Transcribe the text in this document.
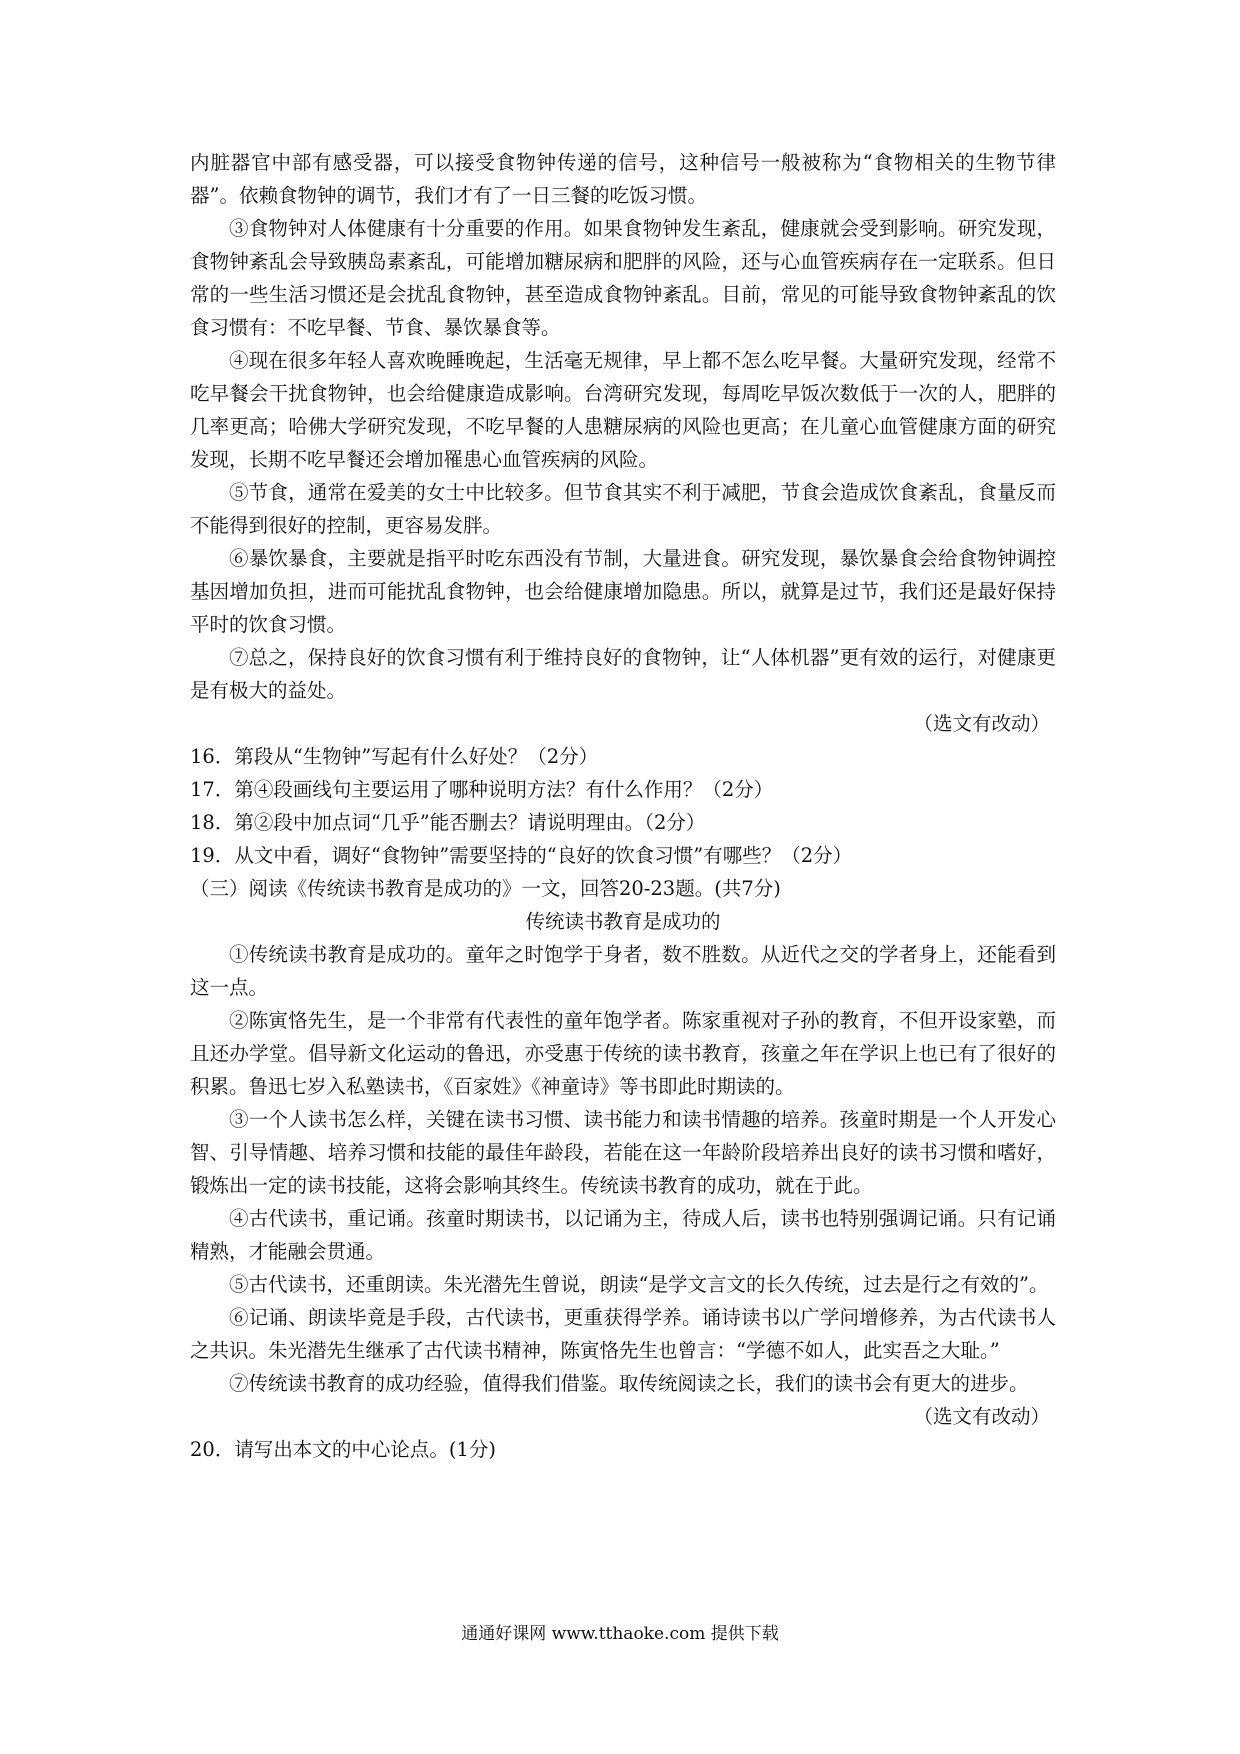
内脏器官中部有感受器，可以接受食物钟传递的信号，这种信号一般被称为“食物相关的生物节律器”。依赖食物钟的调节，我们才有了一日三餐的吃饭习惯。

③食物钟对人体健康有十分重要的作用。如果食物钟发生紊乱，健康就会受到影响。研究发现，食物钟紊乱会导致胰岛素紊乱，可能增加糖尿病和肥胖的风险，还与心血管疾病存在一定联系。但日常的一些生活习惯还是会扰乱食物钟，甚至造成食物钟紊乱。目前，常见的可能导致食物钟紊乱的饮食习惯有：不吃早餐、节食、暴饮暴食等。

④现在很多年轻人喜欢晚睡晚起，生活毫无规律，早上都不怎么吃早餐。大量研究发现，经常不吃早餐会干扰食物钟，也会给健康造成影响。台湾研究发现，每周吃早饭次数低于一次的人，肥胖的几率更高；哈佛大学研究发现，不吃早餐的人患糖尿病的风险也更高；在儿童心血管健康方面的研究发现，长期不吃早餐还会增加罹患心血管疾病的风险。

⑤节食，通常在爱美的女士中比较多。但节食其实不利于减肥，节食会造成饮食紊乱，食量反而不能得到很好的控制，更容易发胖。

⑥暴饮暴食，主要就是指平时吃东西没有节制，大量进食。研究发现，暴饮暴食会给食物钟调控基因增加负担，进而可能扰乱食物钟，也会给健康增加隐患。所以，就算是过节，我们还是最好保持平时的饮食习惯。

⑦总之，保持良好的饮食习惯有利于维持良好的食物钟，让“人体机器”更有效的运行，对健康更是有极大的益处。

（选文有改动）

16．第段从“生物钟”写起有什么好处？（2分）

17．第④段画线句主要运用了哪种说明方法？有什么作用？（2分）

18．第②段中加点词“几乎”能否删去？请说明理由。（2分）

19．从文中看，调好“食物钟”需要坚持的“良好的饮食习惯”有哪些？（2分）

（三）阅读《传统读书教育是成功的》一文，回答20-23题。(共7分)

传统读书教育是成功的

①传统读书教育是成功的。童年之时饱学于身者，数不胜数。从近代之交的学者身上，还能看到这一点。

②陈寅恪先生，是一个非常有代表性的童年饱学者。陈家重视对子孙的教育，不但开设家塾，而且还办学堂。倡导新文化运动的鲁迅，亦受惠于传统的读书教育，孩童之年在学识上也已有了很好的积累。鲁迅七岁入私塾读书，《百家姓》《神童诗》等书即此时期读的。

③一个人读书怎么样，关键在读书习惯、读书能力和读书情趣的培养。孩童时期是一个人开发心智、引导情趣、培养习惯和技能的最佳年龄段，若能在这一年龄阶段培养出良好的读书习惯和嗜好，锻炼出一定的读书技能，这将会影响其终生。传统读书教育的成功，就在于此。

④古代读书，重记诵。孩童时期读书，以记诵为主，待成人后，读书也特别强调记诵。只有记诵精熟，才能融会贯通。

⑤古代读书，还重朗读。朱光潜先生曾说，朗读“是学文言文的长久传统，过去是行之有效的”。

⑥记诵、朗读毕竟是手段，古代读书，更重获得学养。诵诗读书以广学问增修养，为古代读书人之共识。朱光潜先生继承了古代读书精神，陈寅恪先生也曾言：“学德不如人，此实吾之大耻。”

⑦传统读书教育的成功经验，值得我们借鉴。取传统阅读之长，我们的读书会有更大的进步。

（选文有改动）

20．请写出本文的中心论点。(1分)

通通好课网 www.tthaoke.com 提供下载
